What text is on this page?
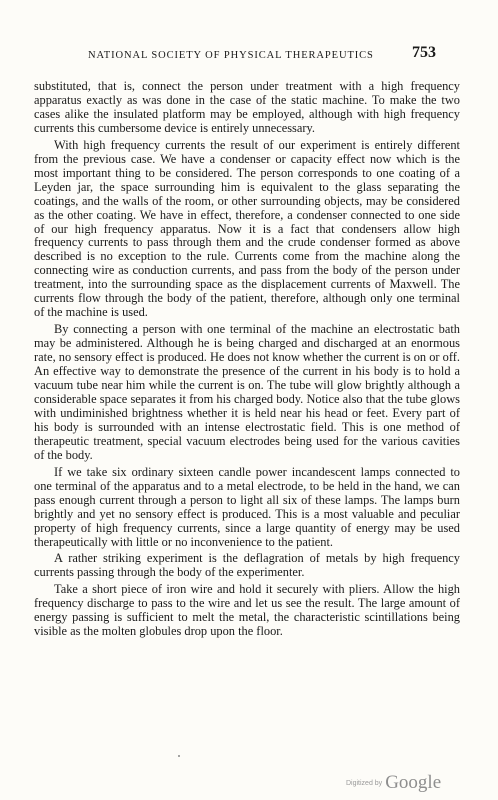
NATIONAL SOCIETY OF PHYSICAL THERAPEUTICS	753

substituted, that is, connect the person under treatment with a high frequency apparatus exactly as was done in the case of the static machine. To make the two cases alike the insulated platform may be employed, although with high frequency currents this cumbersome device is entirely unnecessary.

With high frequency currents the result of our experiment is entirely different from the previous case. We have a condenser or capacity effect now which is the most important thing to be considered. The person corresponds to one coating of a Leyden jar, the space surrounding him is equivalent to the glass separating the coatings, and the walls of the room, or other surrounding objects, may be considered as the other coating. We have in effect, therefore, a condenser connected to one side of our high frequency apparatus. Now it is a fact that condensers allow high frequency currents to pass through them and the crude condenser formed as above described is no exception to the rule. Currents come from the machine along the connecting wire as conduction currents, and pass from the body of the person under treatment, into the surrounding space as the displacement currents of Maxwell. The currents flow through the body of the patient, therefore, although only one terminal of the machine is used.

By connecting a person with one terminal of the machine an electrostatic bath may be administered. Although he is being charged and discharged at an enormous rate, no sensory effect is produced. He does not know whether the current is on or off. An effective way to demonstrate the presence of the current in his body is to hold a vacuum tube near him while the current is on. The tube will glow brightly although a considerable space separates it from his charged body. Notice also that the tube glows with undiminished brightness whether it is held near his head or feet. Every part of his body is surrounded with an intense electrostatic field. This is one method of therapeutic treatment, special vacuum electrodes being used for the various cavities of the body.

If we take six ordinary sixteen candle power incandescent lamps connected to one terminal of the apparatus and to a metal electrode, to be held in the hand, we can pass enough current through a person to light all six of these lamps. The lamps burn brightly and yet no sensory effect is produced. This is a most valuable and peculiar property of high frequency currents, since a large quantity of energy may be used therapeutically with little or no inconvenience to the patient.

A rather striking experiment is the deflagration of metals by high frequency currents passing through the body of the experimenter.

Take a short piece of iron wire and hold it securely with pliers. Allow the high frequency discharge to pass to the wire and let us see the result. The large amount of energy passing is sufficient to melt the metal, the characteristic scintillations being visible as the molten globules drop upon the floor.

Digitized by Google
